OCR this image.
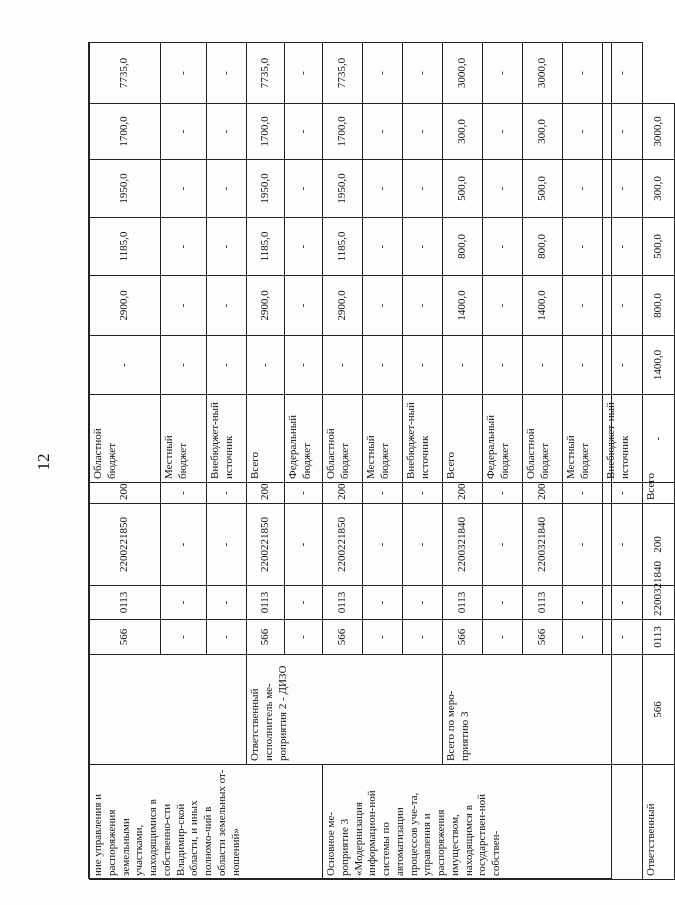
12
ние управления и распоряжения земельными участками, находящимися в собственно-сти Владимир-ской области, и иных полномо-чий в области земельных от-ношений»		566	0113	2200221850	200	Областной бюджет	-	2900,0	1185,0	1950,0	1700,0	7735,0
		-	-	-	-	Местный бюджет	-	-	-	-	-	-
		-	-	-	-	Внебюджет-ный источник	-	-	-	-	-	-
	Ответственный исполнитель ме-роприятия 2 - ДИЗО	566	0113	2200221850	200	Всего	-	2900,0	1185,0	1950,0	1700,0	7735,0
		-	-	-	-	Федеральный бюджет	-	-	-	-	-	-
Основное ме-роприятие 3 «Модернизация информацион-ной системы по автоматизации процессов уче-та, управления и распоряжения имуществом, находящимся в государствен-ной собствен-		566	0113	2200221850	200	Областной бюджет	-	2900,0	1185,0	1950,0	1700,0	7735,0
		-	-	-	-	Местный бюджет	-	-	-	-	-	-
		-	-	-	-	Внебюджет-ный источник	-	-	-	-	-	-
	Всего по меро-приятию 3	566	0113	2200321840	200	Всего	-	1400,0	800,0	500,0	300,0	3000,0
		-	-	-	-	Федеральный бюджет	-	-	-	-	-	-
		566	0113	2200321840	200	Областной бюджет	-	1400,0	800,0	500,0	300,0	3000,0
		-	-	-	-	Местный бюджет	-	-	-	-	-	-
		-	-	-	-	Внебюджет-ный источник	-	-	-	-	-	-
Ответственный	566	0113	2200321840	200	Всего	-	1400,0	800,0	500,0	300,0	3000,0	
